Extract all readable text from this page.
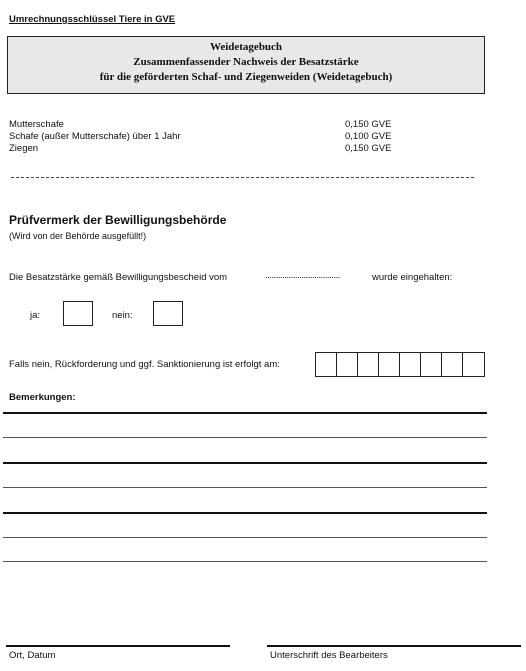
Umrechnungsschlüssel Tiere in GVE
Weidetagebuch
Zusammenfassender Nachweis der Besatzstärke
für die geförderten Schaf- und Ziegenweiden (Weidetagebuch)
Mutterschafe	0,150 GVE
Schafe (außer Mutterschafe) über 1 Jahr	0,100 GVE
Ziegen	0,150 GVE
Prüfvermerk der Bewilligungsbehörde
(Wird von der Behörde ausgefüllt!)
Die Besatzstärke gemäß Bewilligungsbescheid vom	...................................	wurde eingehalten:
ja:	nein:
Falls nein, Rückforderung und ggf. Sanktionierung ist erfolgt am:
Bemerkungen:
Ort, Datum	Unterschrift des Bearbeiters
